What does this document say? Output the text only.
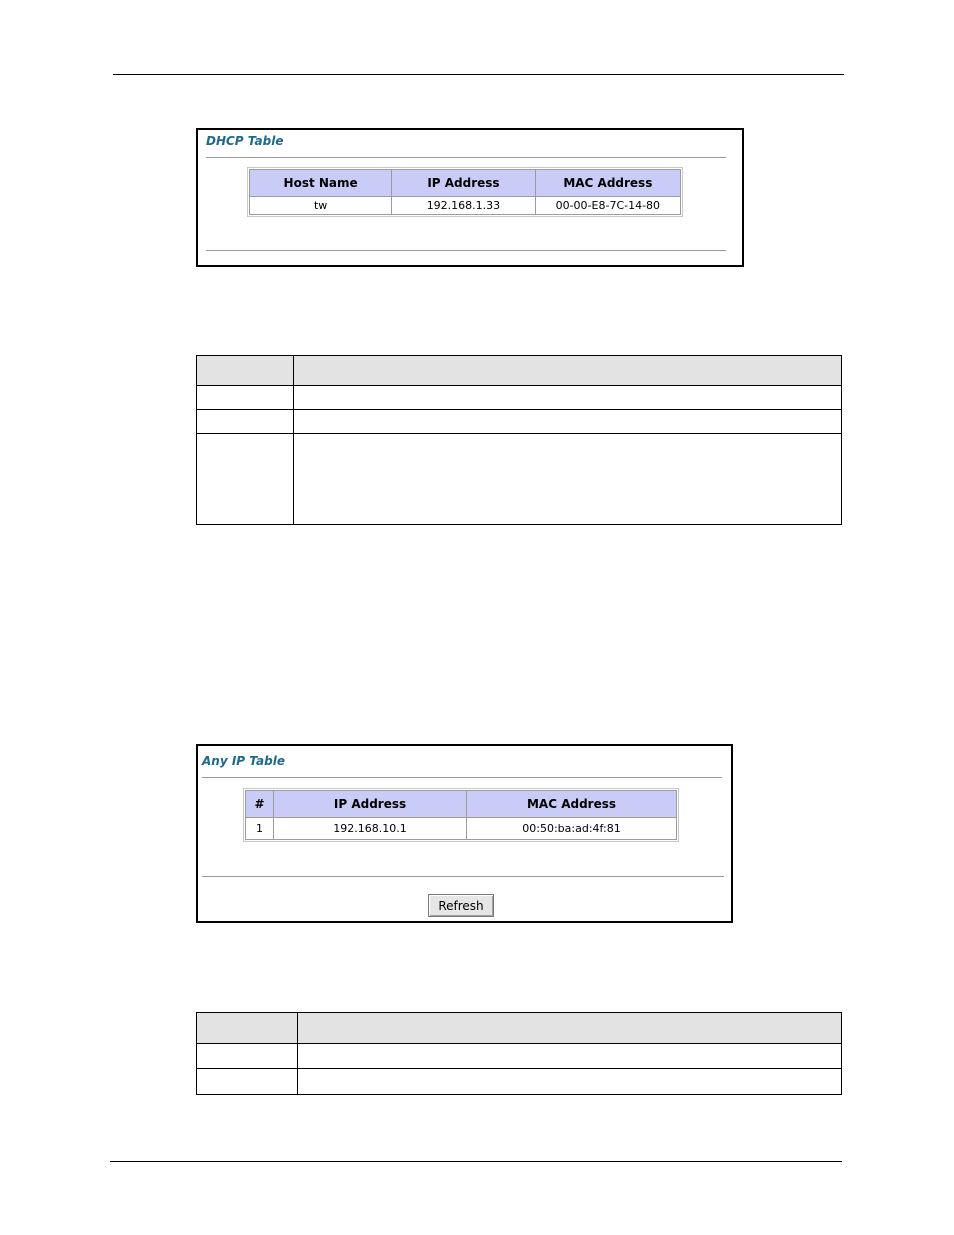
DHCP Table
Host Name	IP Address	MAC Address
tw	192.168.1.33	00-00-E8-7C-14-80

Any IP Table
#	IP Address	MAC Address
1	192.168.10.1	00:50:ba:ad:4f:81
Refresh
